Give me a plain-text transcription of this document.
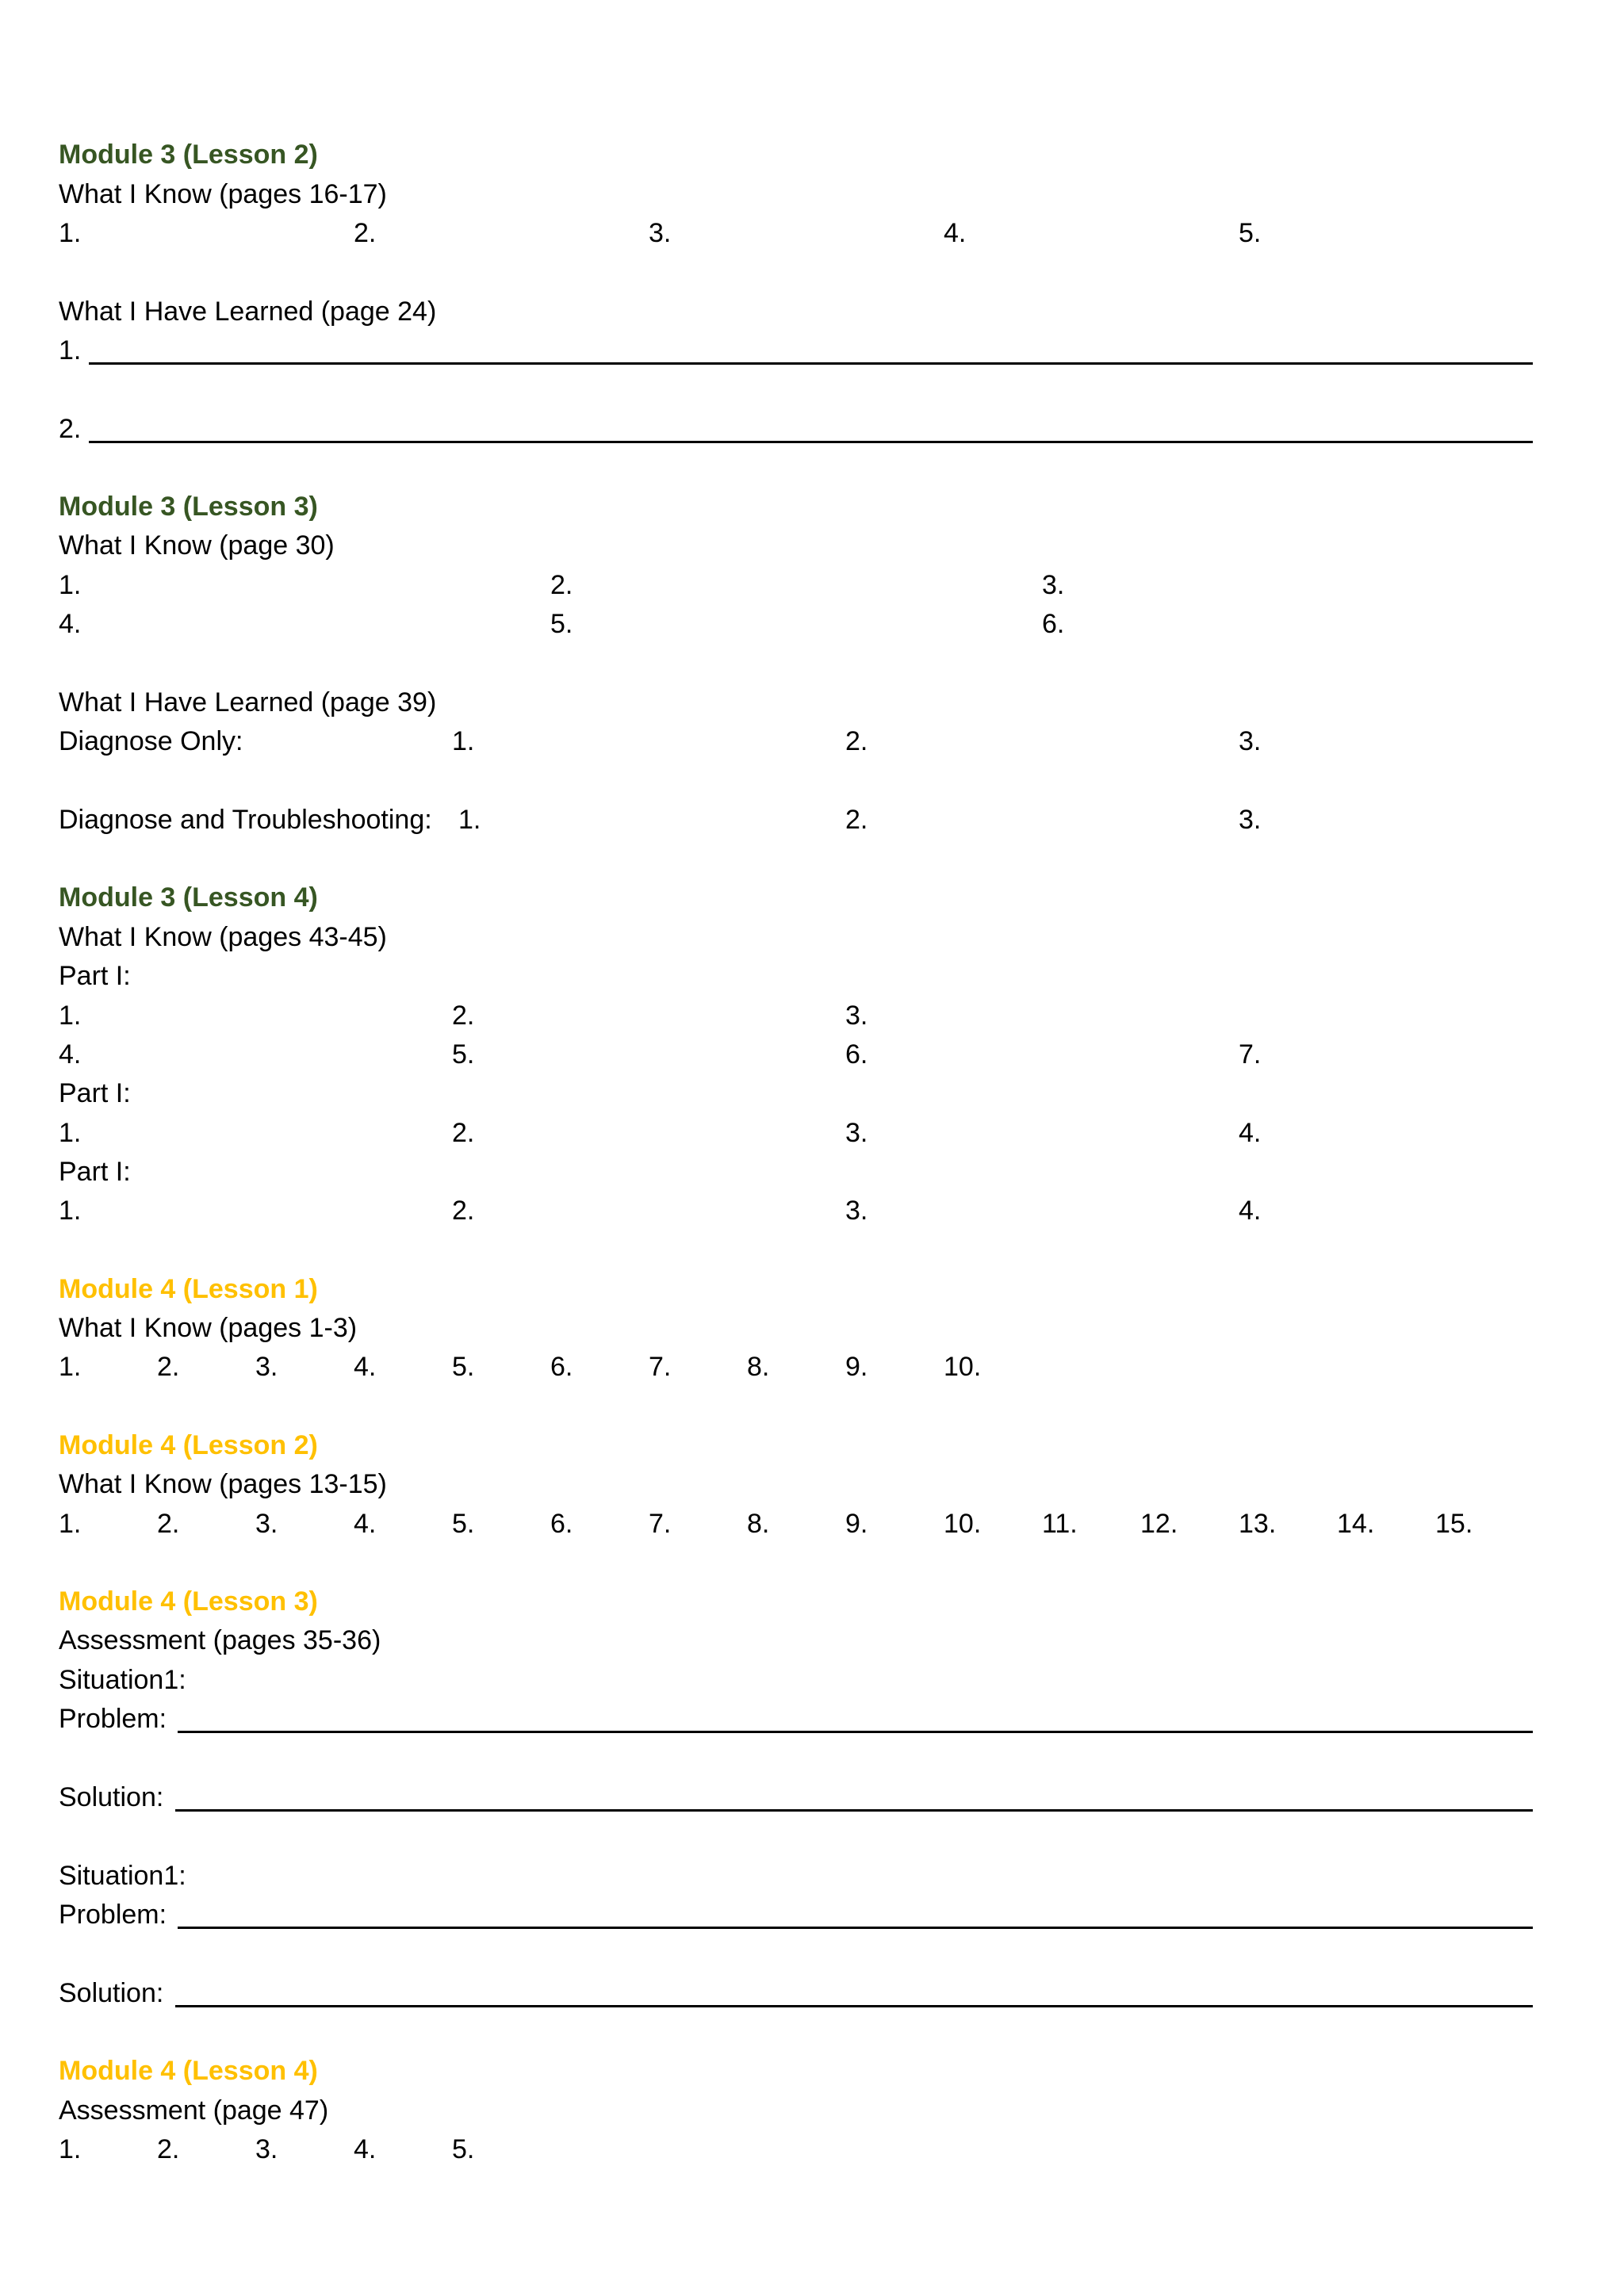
Module 3 (Lesson 2)
What I Know (pages 16-17)
1.	2.	3.	4.	5.
What I Have Learned (page 24)
1.
2.
Module 3 (Lesson 3)
What I Know (page 30)
1.	2.	3.
4.	5.	6.
What I Have Learned (page 39)
Diagnose Only:	1.	2.	3.
Diagnose and Troubleshooting: 1.	2.	3.
Module 3 (Lesson 4)
What I Know (pages 43-45)
Part I:
1.	2.	3.
4.	5.	6.	7.
Part I:
1.	2.	3.	4.
Part I:
1.	2.	3.	4.
Module 4 (Lesson 1)
What I Know (pages 1-3)
1.	2.	3.	4.	5.	6.	7.	8.	9.	10.
Module 4 (Lesson 2)
What I Know (pages 13-15)
1.	2.	3.	4.	5.	6.	7.	8.	9.	10. 11. 12. 13. 14. 15.
Module 4 (Lesson 3)
Assessment (pages 35-36)
Situation1:
Problem:
Solution:
Situation1:
Problem:
Solution:
Module 4 (Lesson 4)
Assessment (page 47)
1.	2.	3.	4.	5.
